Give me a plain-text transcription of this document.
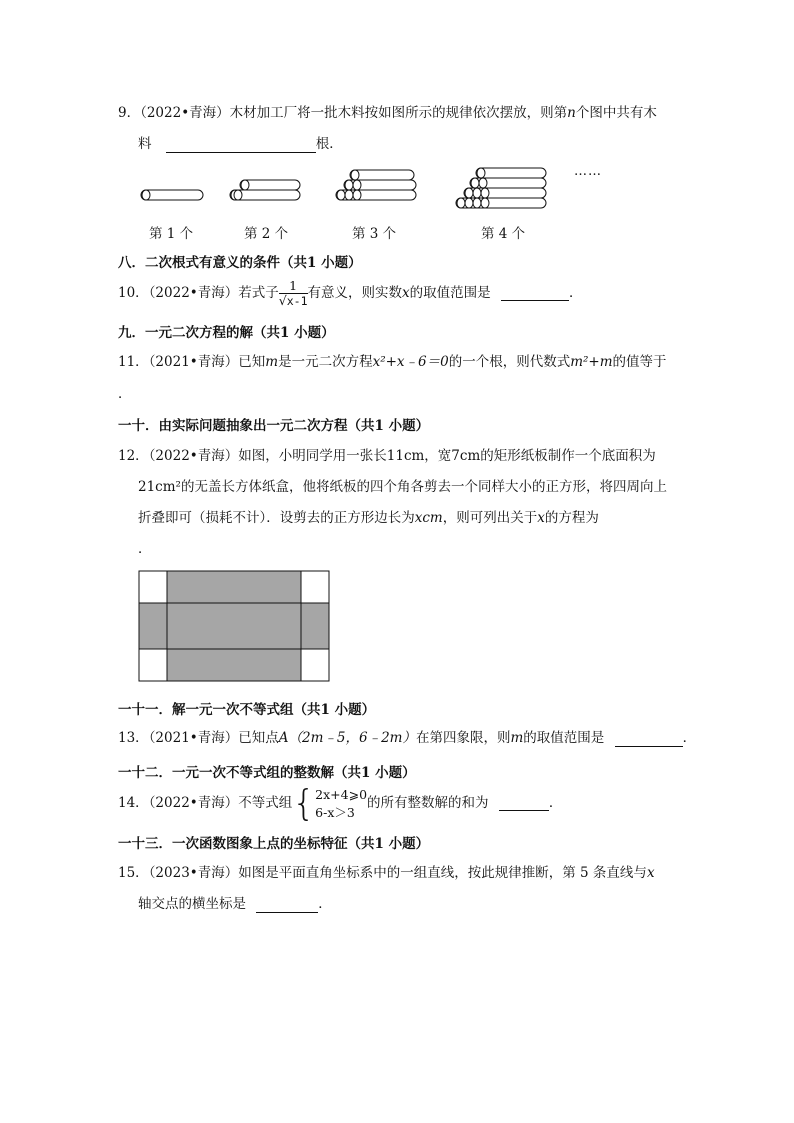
9．（2022•青海）木材加工厂将一批木料按如图所示的规律依次摆放，则第n个图中共有木
料	根．
……
第 1 个	第 2 个	第 3 个	第 4 个
八．二次根式有意义的条件（共1 小题）
10．（2022•青海）若式子 $\frac{1}{√x-1}$ 有意义，则实数x的取值范围是	．
九．一元二次方程的解（共1 小题）
11．（2021•青海）已知m是一元二次方程x²+x﹣6＝0的一个根，则代数式m²+m的值等于
．
一十．由实际问题抽象出一元二次方程（共1 小题）
12．（2022•青海）如图，小明同学用一张长11cm，宽7cm的矩形纸板制作一个底面积为
21cm²的无盖长方体纸盒，他将纸板的四个角各剪去一个同样大小的正方形，将四周向上
折叠即可（损耗不计）．设剪去的正方形边长为xcm，则可列出关于x的方程为
．
一十一．解一元一次不等式组（共1 小题）
13．（2021•青海）已知点A（2m﹣5，6﹣2m）在第四象限，则m的取值范围是	．
一十二．一元一次不等式组的整数解（共1 小题）
14．（2022•青海）不等式组{ 2x+4⩾0
6-x＞3
的所有整数解的和为	．
一十三．一次函数图象上点的坐标特征（共1 小题）
15．（2023•青海）如图是平面直角坐标系中的一组直线，按此规律推断，第 5 条直线与x
轴交点的横坐标是	．
